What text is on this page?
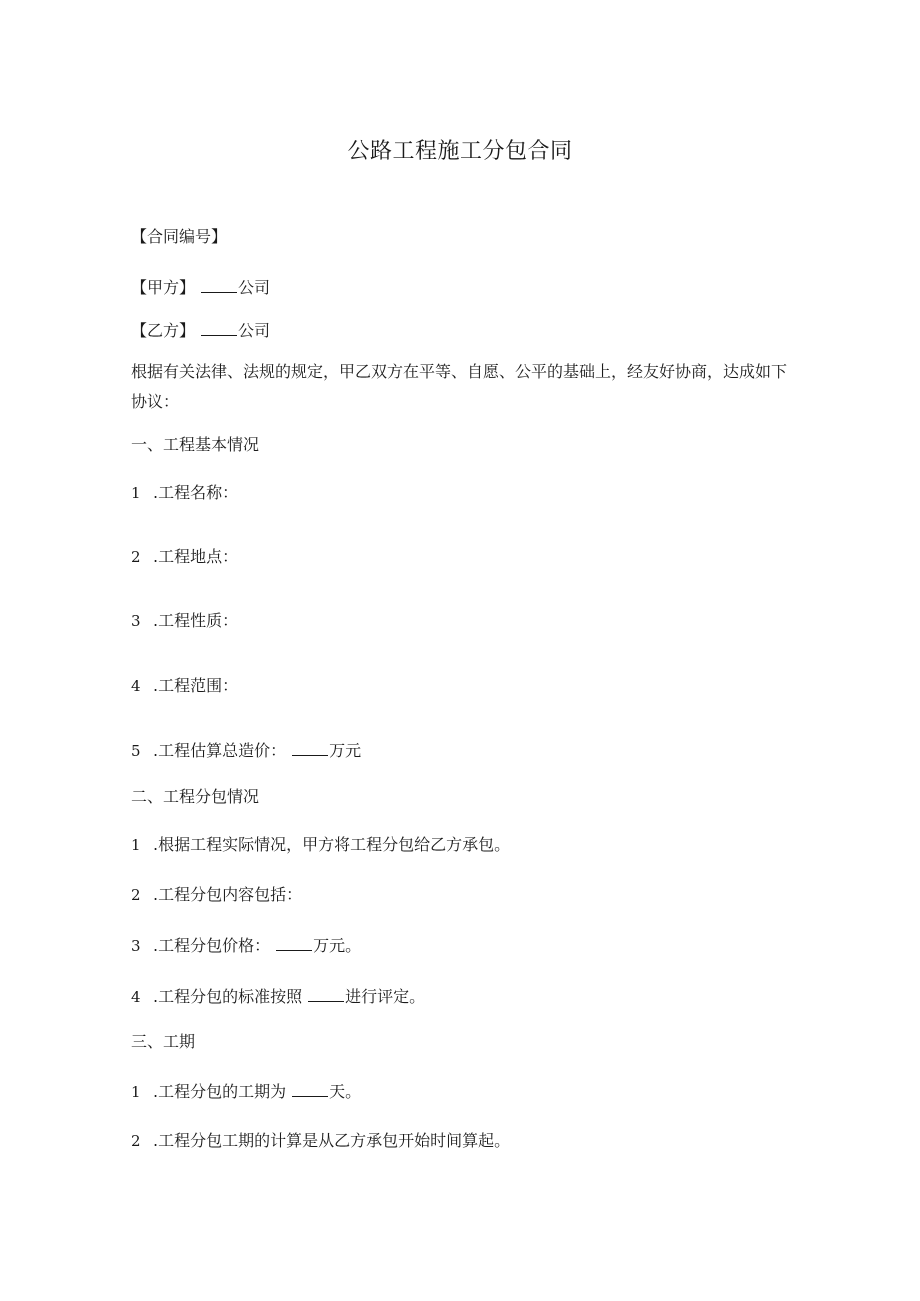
公路工程施工分包合同
【合同编号】
【甲方】	公司
【乙方】	公司
根据有关法律、法规的规定，甲乙双方在平等、自愿、公平的基础上，经友好协商，达成如下协议：
一、工程基本情况
1 .工程名称：
2 .工程地点：
3 .工程性质：
4 .工程范围：
5 .工程估算总造价：	万元
二、工程分包情况
1 .根据工程实际情况，甲方将工程分包给乙方承包。
2 .工程分包内容包括：
3 .工程分包价格：	万元。
4 .工程分包的标准按照	进行评定。
三、工期
1 .工程分包的工期为	天。
2 .工程分包工期的计算是从乙方承包开始时间算起。
